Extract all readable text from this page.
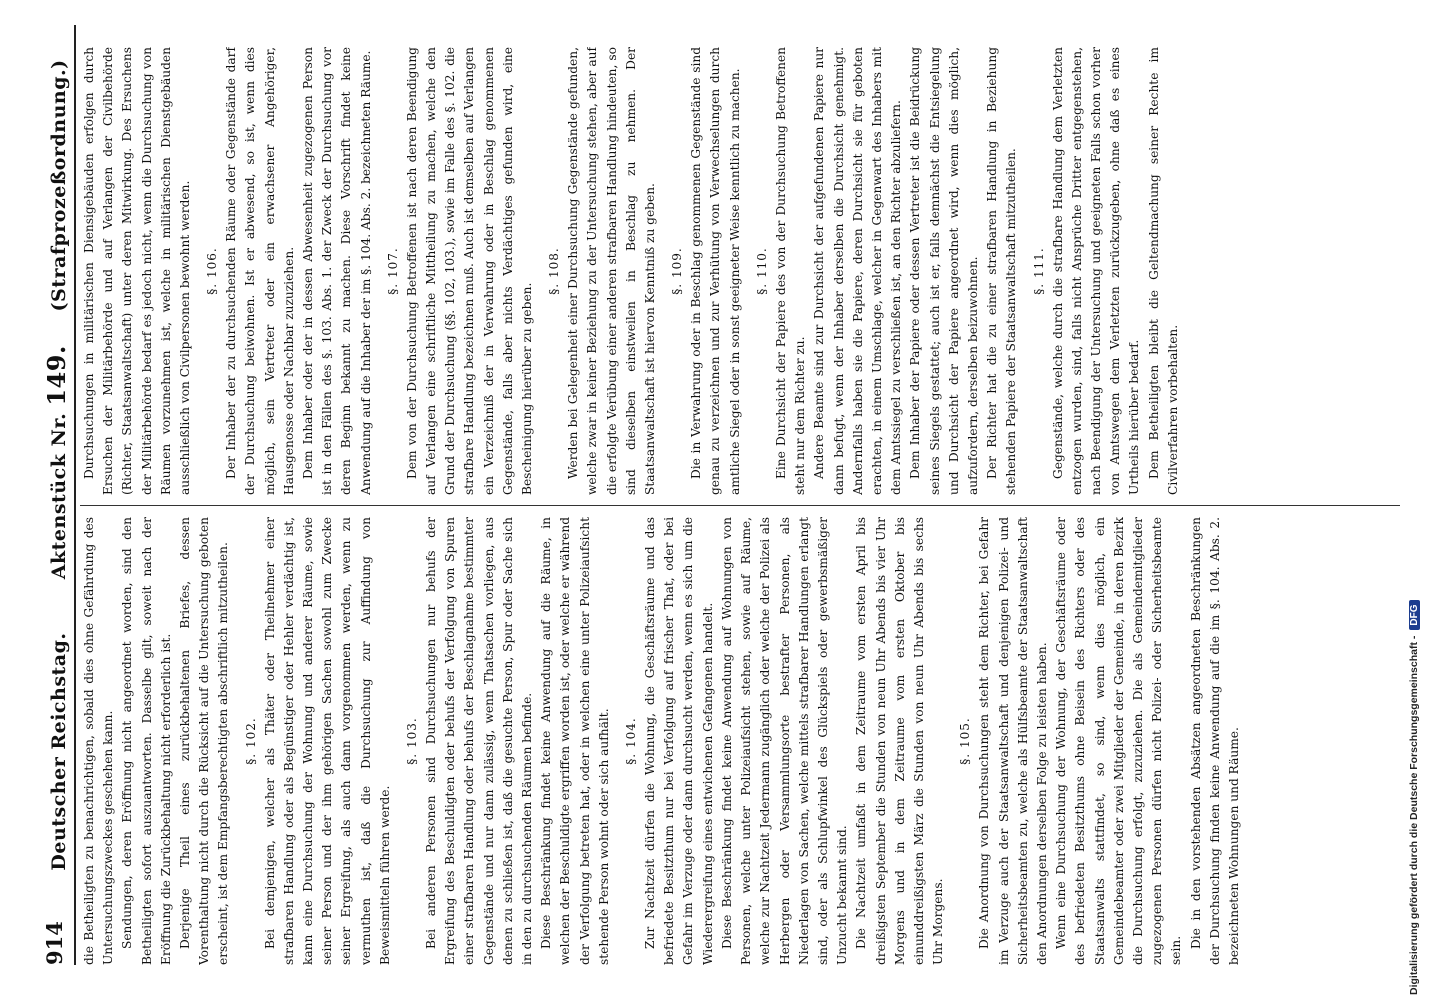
914
Deutscher Reichstag.    Aktenstück Nr. 149.   (Strafprozeßordnung.)
die Betheiligten zu benachrichtigen, sobald dies ohne Gefährdung des Untersuchungszweckes geschehen kann. Sendungen, deren Eröffnung nicht angeordnet worden, sind den Betheiligten sofort auszuantworten. Dasselbe gilt, soweit nach der Eröffnung die Zurückbehaltung nicht erforderlich ist. Derjenige Theil eines zurückbehaltenen Briefes, dessen Vorenthaltung nicht durch die Rücksicht auf die Untersuchung geboten erscheint, ist dem Empfangsberechtigten abschriftlich mitzutheilen. §. 102. Bei demjenigen, welcher als Thäter oder Theilnehmer einer strafbaren Handlung oder als Begünstiger oder Hehler verdächtig ist, kann eine Durchsuchung der Wohnung und anderer Räume, sowie seiner Person und der ihm gehörigen Sachen sowohl zum Zwecke seiner Ergreifung, als auch dann vorgenommen werden, wenn zu vermuthen ist, daß die Durchsuchung zur Auffindung von Beweismitteln führen werde.
§. 103. Bei anderen Personen sind Durchsuchungen nur behufs der Ergreifung des Beschuldigten oder behufs der Verfolgung von Spuren einer strafbaren Handlung oder behufs der Beschlagnahme bestimmter Gegenstände und nur dann zulässig, wenn Thatsachen vorliegen, aus denen zu schließen ist, daß die gesuchte Person, Spur oder Sache sich in den zu durchsuchenden Räumen befinde. Diese Beschränkung findet keine Anwendung auf die Räume, in welchen der Beschuldigte ergriffen worden ist, oder welche er während der Verfolgung betreten hat, oder in welchen eine unter Polizeiaufsicht stehende Person wohnt oder sich aufhält. §. 104. Zur Nachtzeit dürfen die Wohnung, die Geschäftsräume und das befriedete Besitzthum nur bei Verfolgung auf frischer That, oder bei Gefahr im Verzuge oder dann durchsucht werden, wenn es sich um die Wiederergreifung eines entwichenen Gefangenen handelt. Diese Beschränkung findet keine Anwendung auf Wohnungen von Personen, welche unter Polizeiaufsicht stehen, sowie auf Räume, welche zur Nachtzeit Jedermann zugänglich oder welche der Polizei als Herbergen oder Versammlungsorte bestrafter Personen, als Niederlagen von Sachen, welche mittels strafbarer Handlungen erlangt sind, oder als Schlupfwinkel des Glückspiels oder gewerbsmäßiger Unzucht bekannt sind. Die Nachtzeit umfaßt in dem Zeitraume vom ersten April bis dreißigsten September die Stunden von neun Uhr Abends bis vier Uhr Morgens und in dem Zeitraume vom ersten Oktober bis einunddreißigsten März die Stunden von neun Uhr Abends bis sechs Uhr Morgens.
§. 105. Die Anordnung von Durchsuchungen steht dem Richter, bei Gefahr im Verzuge auch der Staatsanwaltschaft und denjenigen Polizei- und Sicherheitsbeamten zu, welche als Hülfsbeamte der Staatsanwaltschaft den Anordnungen derselben Folge zu leisten haben. Wenn eine Durchsuchung der Wohnung, der Geschäftsräume oder des befriedeten Besitzthums ohne Beisein des Richters oder des Staatsanwalts stattfindet, so sind, wenn dies möglich, ein Gemeindebeamter oder zwei Mitglieder der Gemeinde, in deren Bezirk die Durchsuchung erfolgt, zuzuziehen. Die als Gemeindemitglieder zugezogenen Personen dürfen nicht Polizei- oder Sicherheitsbeamte sein.
Die in den vorstehenden Absätzen angeordneten Beschränkungen der Durchsuchung finden keine Anwendung auf die im §. 104. Abs. 2. bezeichneten Wohnungen und Räume.
Durchsuchungen in militärischen Diensigebäuden erfolgen durch Ersuchen der Militärbehörde und auf Verlangen der Civilbehörde (Richter, Staatsanwaltschaft) unter deren Mitwirkung. Des Ersuchens der Militärbehörde bedarf es jedoch nicht, wenn die Durchsuchung von Räumen vorzunehmen ist, welche in militärischen Dienstgebäuden ausschließlich von Civilpersonen bewohnt werden. §. 106. Der Inhaber der zu durchsuchenden Räume oder Gegenstände darf der Durchsuchung beiwohnen. Ist er abwesend, so ist, wenn dies möglich, sein Vertreter oder ein erwachsener Angehöriger, Hausgenosse oder Nachbar zuzuziehen. Dem Inhaber oder der in dessen Abwesenheit zugezogenen Person ist in den Fällen des §. 103. Abs. 1. der Zweck der Durchsuchung vor deren Beginn bekannt zu machen. Diese Vorschrift findet keine Anwendung auf die Inhaber der im §. 104. Abs. 2. bezeichneten Räume. §. 107. Dem von der Durchsuchung Betroffenen ist nach deren Beendigung auf Verlangen eine schriftliche Mittheilung zu machen, welche den Grund der Durchsuchung (§§. 102, 103.), sowie im Falle des §. 102. die strafbare Handlung bezeichnen muß. Auch ist demselben auf Verlangen ein Verzeichniß der in Verwahrung oder in Beschlag genommenen Gegenstände, falls aber nichts Verdächtiges gefunden wird, eine Bescheinigung hierüber zu geben.
§. 108. Werden bei Gelegenheit einer Durchsuchung Gegenstände gefunden, welche zwar in keiner Beziehung zu der Untersuchung stehen, aber auf die erfolgte Verübung einer anderen strafbaren Handlung hindeuten, so sind dieselben einstweilen in Beschlag zu nehmen. Der Staatsanwaltschaft ist hiervon Kenntniß zu geben. §. 109. Die in Verwahrung oder in Beschlag genommenen Gegenstände sind genau zu verzeichnen und zur Verhütung von Verwechselungen durch amtliche Siegel oder in sonst geeigneter Weise kenntlich zu machen. §. 110. Eine Durchsicht der Papiere des von der Durchsuchung Betroffenen steht nur dem Richter zu. Andere Beamte sind zur Durchsicht der aufgefundenen Papiere nur dann befugt, wenn der Inhaber derselben die Durchsicht genehmigt. Andernfalls haben sie die Papiere, deren Durchsicht sie für geboten erachten, in einem Umschlage, welcher in Gegenwart des Inhabers mit dem Amtssiegel zu verschließen ist, an den Richter abzuliefern. Dem Inhaber der Papiere oder dessen Vertreter ist die Beidrückung seines Siegels gestattet; auch ist er, falls demnächst die Entsiegelung und Durchsicht der Papiere angeordnet wird, wenn dies möglich, aufzufordern, derselben beizuwohnen. Der Richter hat die zu einer strafbaren Handlung in Beziehung stehenden Papiere der Staatsanwaltschaft mitzutheilen. §. 111. Gegenstände, welche durch die strafbare Handlung dem Verletzten entzogen wurden, sind, falls nicht Ansprüche Dritter entgegenstehen, nach Beendigung der Untersuchung und geeigneten Falls schon vorher von Amtswegen dem Verletzten zurückzugeben, ohne daß es eines Urtheils hierüber bedarf. Dem Betheiligten bleibt die Geltendmachung seiner Rechte im Civilverfahren vorbehalten.
Digitalisierung gefördert durch die Deutsche Forschungsgemeinschaft -DFG
